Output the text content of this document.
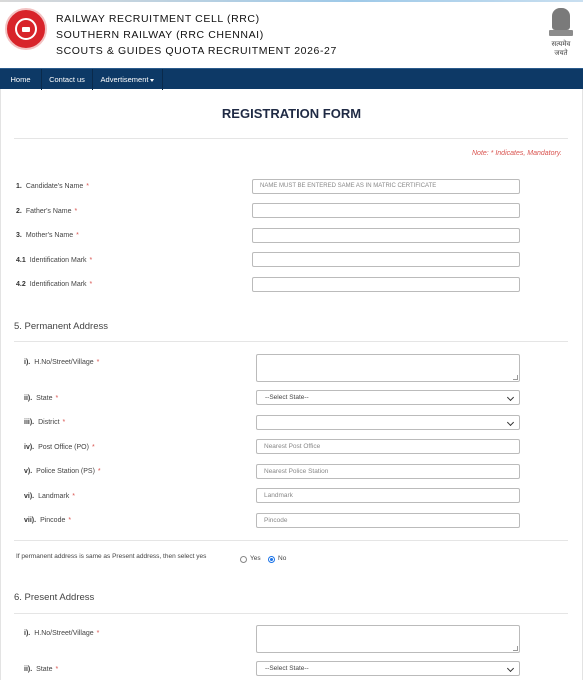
RAILWAY RECRUITMENT CELL (RRC)
SOUTHERN RAILWAY (RRC CHENNAI)
SCOUTS & GUIDES QUOTA RECRUITMENT 2026-27
सत्यमेव जयते
Home	Contact us	Advertisement
REGISTRATION FORM
Note: * Indicates, Mandatory.
1. Candidate's Name *	NAME MUST BE ENTERED SAME AS IN MATRIC CERTIFICATE
2. Father's Name *
3. Mother's Name *
4.1 Identification Mark *
4.2 Identification Mark *
5. Permanent Address
i). H.No/Street/Village *
ii). State *	--Select State--
iii). District *
iv). Post Office (PO) *	Nearest Post Office
v). Police Station (PS) *	Nearest Police Station
vi). Landmark *	Landmark
vii). Pincode *	Pincode
If permanent address is same as Present address, then select yes	Yes	No
6. Present Address
i). H.No/Street/Village *
ii). State *	--Select State--
